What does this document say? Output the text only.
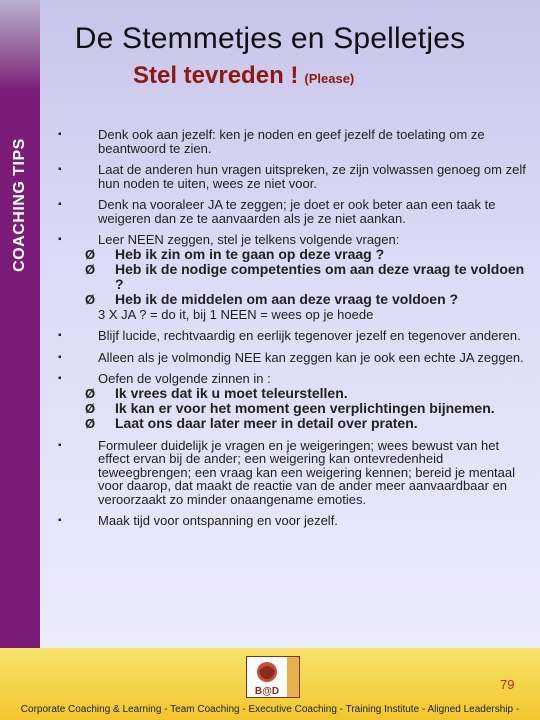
COACHING TIPS
De Stemmetjes en Spelletjes
Stel tevreden ! (Please)
▪	Denk ook aan jezelf: ken je noden en geef jezelf de toelating om ze beantwoord te zien.
▪	Laat de anderen hun vragen uitspreken, ze zijn volwassen genoeg om zelf hun noden te uiten, wees ze niet voor.
▪	Denk na vooraleer JA te zeggen; je doet er ook beter aan een taak te weigeren dan ze te aanvaarden als je ze niet aankan.
▪	Leer NEEN zeggen, stel je telkens volgende vragen:
Ø Heb ik zin om in te gaan op deze vraag ?
Ø Heb ik de nodige competenties om aan deze vraag te voldoen ?
Ø Heb ik de middelen om aan deze vraag te voldoen ?
3 X JA ? = do it, bij 1 NEEN = wees op je hoede
▪	Blijf lucide, rechtvaardig en eerlijk tegenover jezelf en tegenover anderen.
▪	Alleen als je volmondig NEE kan zeggen kan je ook een echte JA zeggen.
▪	Oefen de volgende zinnen in :
Ø Ik vrees dat ik u moet teleurstellen.
Ø Ik kan er voor het moment geen verplichtingen bijnemen.
Ø Laat ons daar later meer in detail over praten.
▪	Formuleer duidelijk je vragen en je weigeringen; wees bewust van het effect ervan bij de ander; een weigering kan ontevredenheid teweegbrengen; een vraag kan een weigering kennen; bereid je mentaal voor daarop, dat maakt de reactie van de ander meer aanvaardbaar en veroorzaakt zo minder onaangename emoties.
▪	Maak tijd voor ontspanning en voor jezelf.
B@D	79
Corporate Coaching & Learning - Team Coaching - Executive Coaching - Training Institute - Aligned Leadership -
